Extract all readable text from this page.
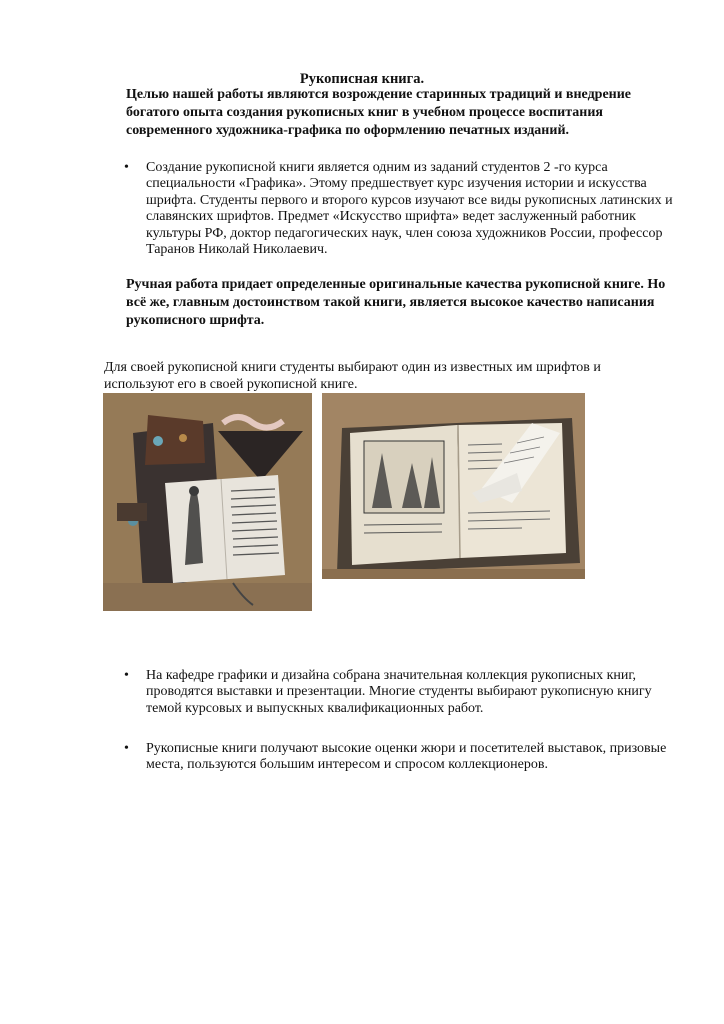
Рукописная книга.

Целью нашей работы являются возрождение старинных традиций и внедрение богатого опыта создания рукописных книг в учебном процессе воспитания современного художника-графика по оформлению печатных изданий.

•	Создание рукописной книги является одним из заданий студентов 2 -го курса специальности «Графика». Этому предшествует курс изучения истории и искусства шрифта. Студенты первого и второго курсов изучают все виды рукописных латинских и славянских шрифтов. Предмет «Искусство шрифта» ведет заслуженный работник культуры РФ, доктор педагогических наук, член союза художников России, профессор Таранов Николай Николаевич.

Ручная работа придает определенные оригинальные качества рукописной книге. Но всё же, главным достоинством такой книги, является высокое качество написания рукописного шрифта.

Для своей рукописной книги студенты выбирают один из известных им шрифтов и используют его в своей рукописной книге.

•	На кафедре графики и дизайна собрана значительная коллекция рукописных книг, проводятся выставки и презентации. Многие студенты выбирают рукописную книгу темой курсовых и выпускных квалификационных работ.
•	Рукописные книги получают высокие оценки жюри и посетителей выставок, призовые места, пользуются большим интересом и спросом коллекционеров.
